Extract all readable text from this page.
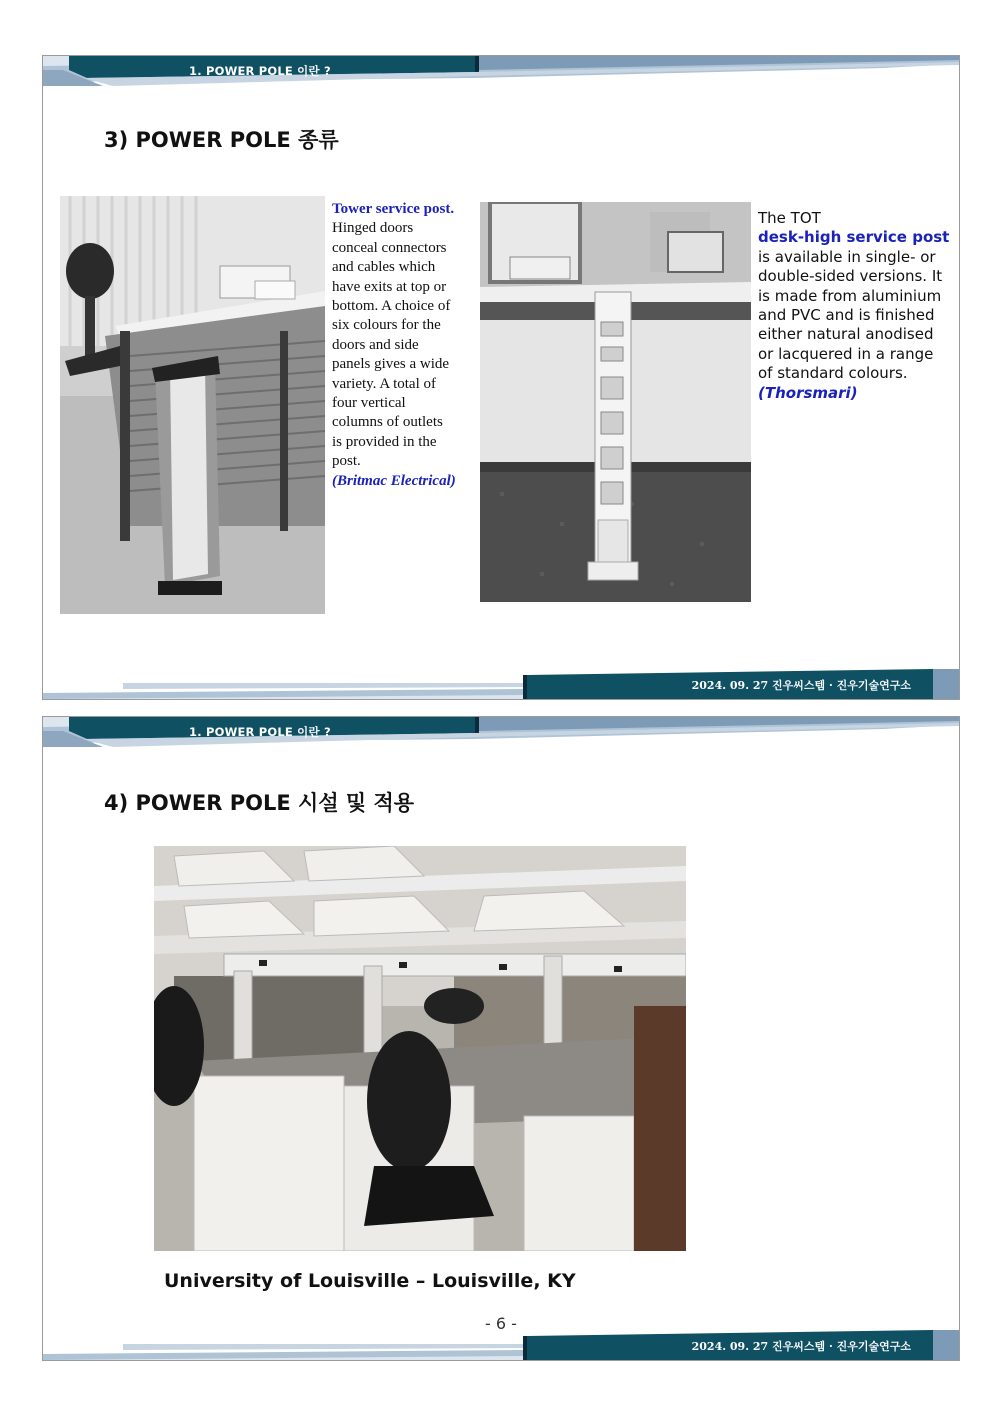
1. POWER POLE 이란 ?
3) POWER POLE 종류
Tower service post.
Hinged doors
conceal connectors
and cables which
have exits at top or
bottom. A choice of
six colours for the
doors and side
panels gives a wide
variety. A total of
four vertical
columns of outlets
is provided in the
post.
(Britmac Electrical)
The TOT
desk-high service post
is available in single- or
double-sided versions. It
is made from aluminium
and PVC and is finished
either natural anodised
or lacquered in a range
of standard colours.
(Thorsmari)
2024. 09. 27 진우씨스템 · 진우기술연구소
1. POWER POLE 이란 ?
4) POWER POLE 시설 및 적용
University of Louisville – Louisville, KY
- 6 -
2024. 09. 27 진우씨스템 · 진우기술연구소
